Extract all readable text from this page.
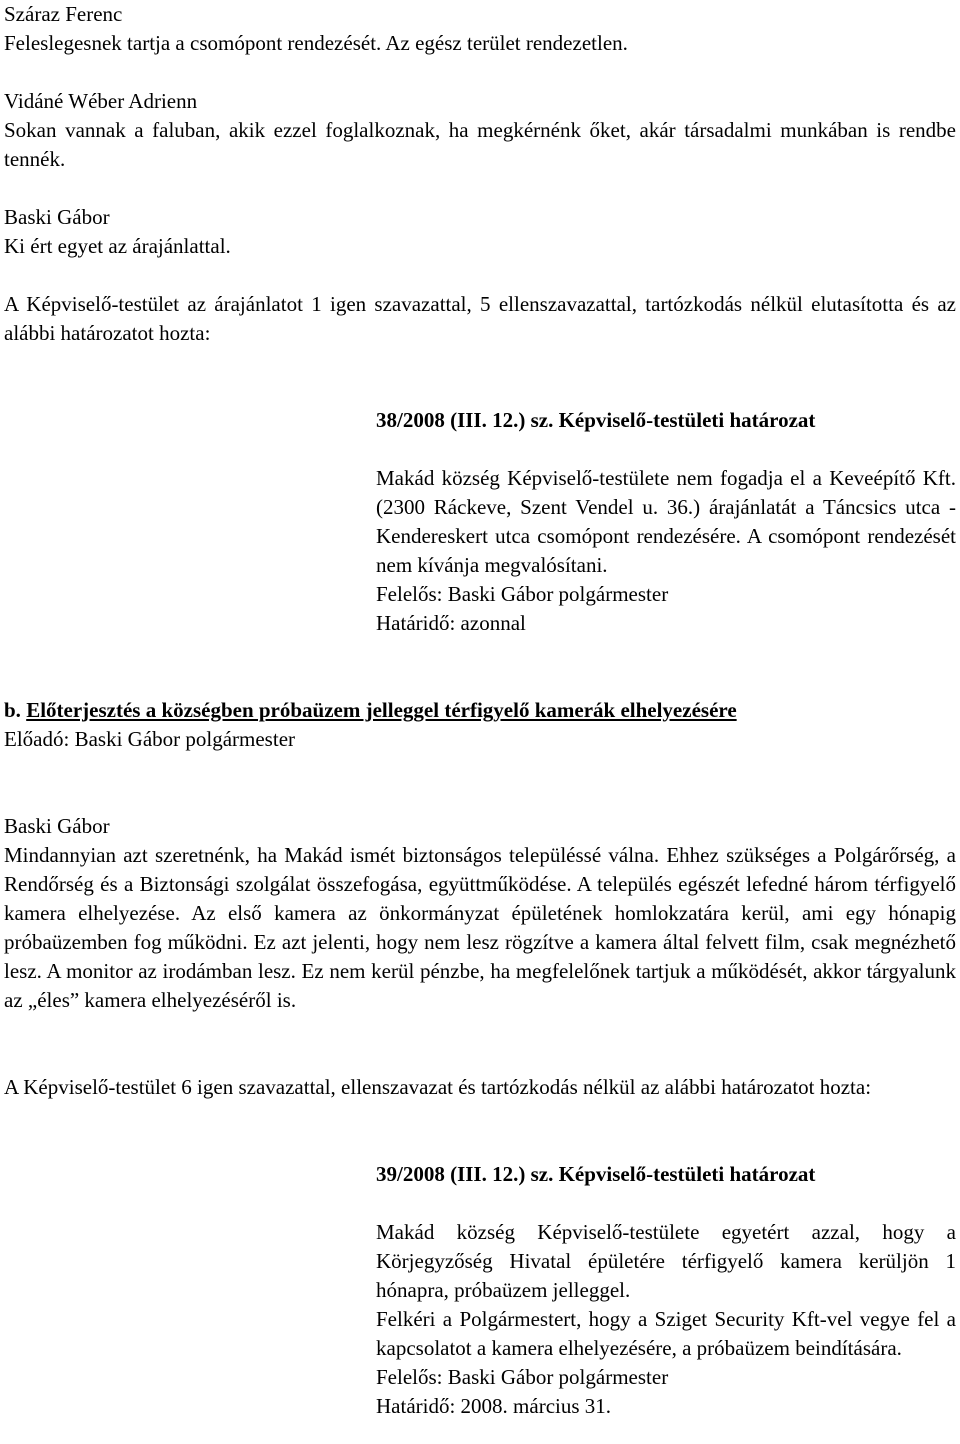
Száraz Ferenc

Feleslegesnek tartja a csomópont rendezését. Az egész terület rendezetlen.

Vidáné Wéber Adrienn

Sokan vannak a faluban, akik ezzel foglalkoznak, ha megkérnénk őket, akár társadalmi munkában is rendbe tennék.

Baski Gábor

Ki ért egyet az árajánlattal.

A Képviselő-testület az árajánlatot 1 igen szavazattal, 5 ellenszavazattal, tartózkodás nélkül elutasította és az alábbi határozatot hozta:

38/2008 (III. 12.) sz. Képviselő-testületi határozat

Makád község Képviselő-testülete nem fogadja el a Keveépítő Kft. (2300 Ráckeve, Szent Vendel u. 36.) árajánlatát a Táncsics utca - Kendereskert utca csomópont rendezésére. A csomópont rendezését nem kívánja megvalósítani.

Felelős: Baski Gábor polgármester

Határidő: azonnal

b. Előterjesztés a községben próbaüzem jelleggel térfigyelő kamerák elhelyezésére

Előadó: Baski Gábor polgármester

Baski Gábor

Mindannyian azt szeretnénk, ha Makád ismét biztonságos településsé válna. Ehhez szükséges a Polgárőrség, a Rendőrség és a Biztonsági szolgálat összefogása, együttműködése. A település egészét lefedné három térfigyelő kamera elhelyezése. Az első kamera az önkormányzat épületének homlokzatára kerül, ami egy hónapig próbaüzemben fog működni. Ez azt jelenti, hogy nem lesz rögzítve a kamera által felvett film, csak megnézhető lesz. A monitor az irodámban lesz. Ez nem kerül pénzbe, ha megfelelőnek tartjuk a működését, akkor tárgyalunk az „éles” kamera elhelyezéséről is.

A Képviselő-testület 6 igen szavazattal, ellenszavazat és tartózkodás nélkül az alábbi határozatot hozta:

39/2008 (III. 12.) sz. Képviselő-testületi határozat

Makád község Képviselő-testülete egyetért azzal, hogy a Körjegyzőség Hivatal épületére térfigyelő kamera kerüljön 1 hónapra, próbaüzem jelleggel.

Felkéri a Polgármestert, hogy a Sziget Security Kft-vel vegye fel a kapcsolatot a kamera elhelyezésére, a próbaüzem beindítására.

Felelős: Baski Gábor polgármester

Határidő: 2008. március 31.
